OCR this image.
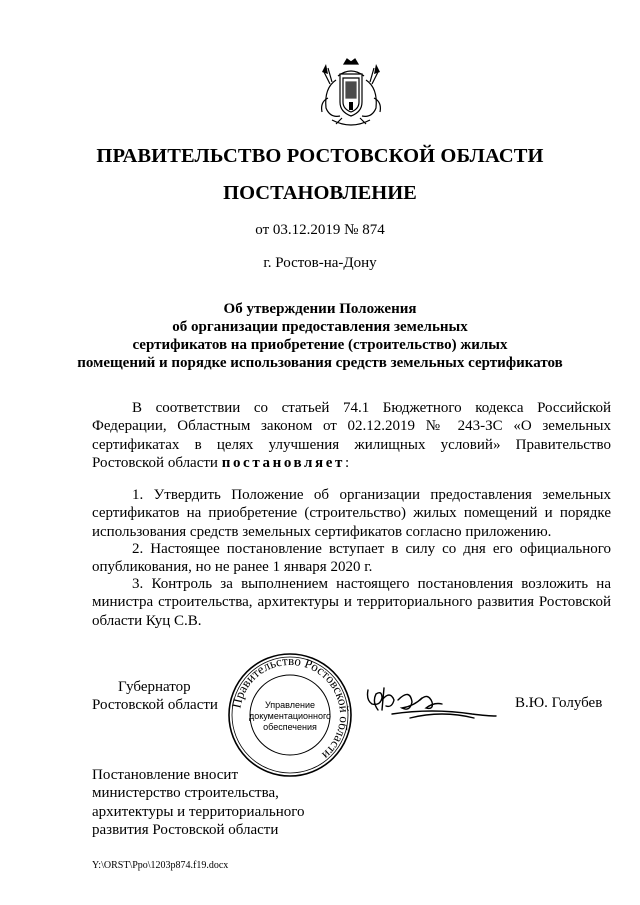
ПРАВИТЕЛЬСТВО РОСТОВСКОЙ ОБЛАСТИ
ПОСТАНОВЛЕНИЕ
от 03.12.2019 № 874
г. Ростов-на-Дону
Об утверждении Положения
об организации предоставления земельных
сертификатов на приобретение (строительство) жилых
помещений и порядке использования средств земельных сертификатов
В соответствии со статьей 74.1 Бюджетного кодекса Российской Федерации, Областным законом от 02.12.2019 № 243-ЗС «О земельных сертификатах в целях улучшения жилищных условий» Правительство Ростовской области постановляет:
1. Утвердить Положение об организации предоставления земельных сертификатов на приобретение (строительство) жилых помещений и порядке использования средств земельных сертификатов согласно приложению.
2. Настоящее постановление вступает в силу со дня его официального опубликования, но не ранее 1 января 2020 г.
3. Контроль за выполнением настоящего постановления возложить на министра строительства, архитектуры и территориального развития Ростовской области Куц С.В.
Губернатор
Ростовской области Правительство Ростовской области
Управление
документационного
обеспечения
В.Ю. Голубев
Постановление вносит
министерство строительства,
архитектуры и территориального
развития Ростовской области
Y:\ORST\Ppo\1203p874.f19.docx
